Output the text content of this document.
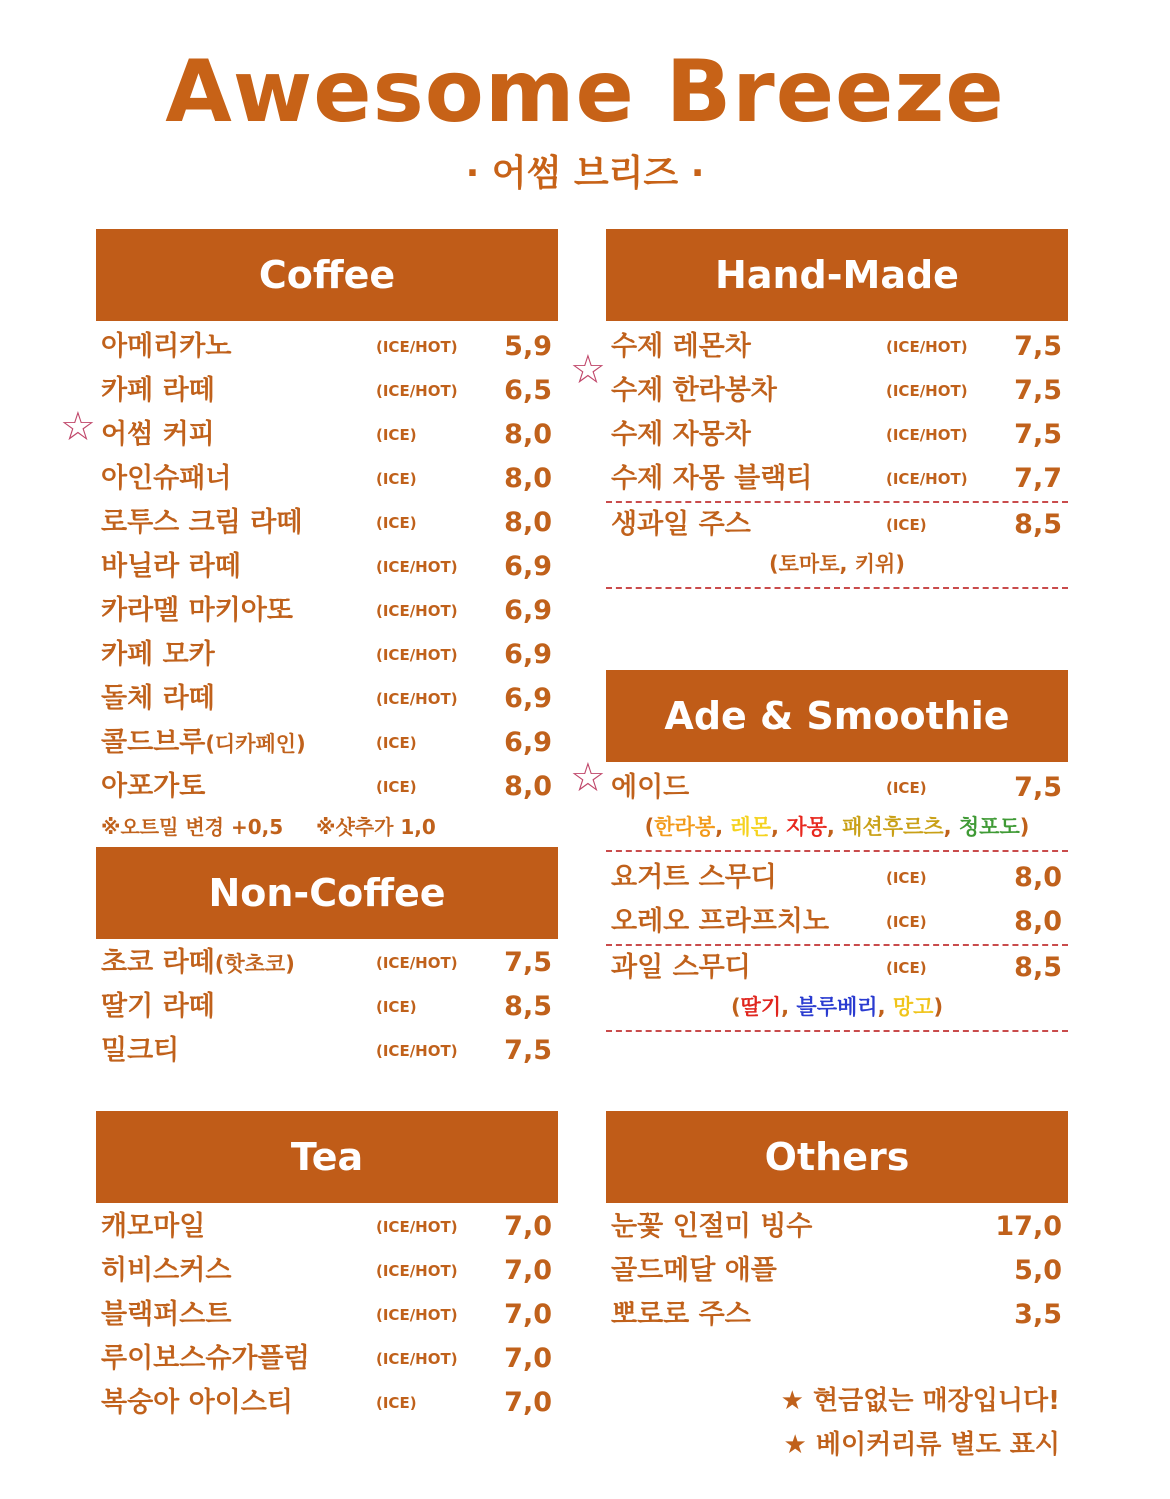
Awesome Breeze
· 어썸 브리즈 ·
Coffee
아메리카노	(ICE/HOT) 5,9
카페 라떼	(ICE/HOT) 6,5
어썸 커피	(ICE)	8,0
아인슈패너	(ICE)	8,0
로투스 크림 라떼	(ICE)	8,0
바닐라 라떼	(ICE/HOT) 6,9
카라멜 마키아또	(ICE/HOT) 6,9
카페 모카	(ICE/HOT) 6,9
돌체 라떼	(ICE/HOT) 6,9
콜드브루(디카페인)	(ICE)	6,9
아포가토	(ICE)	8,0
※오트밀 변경 +0,5 ※샷추가 1,0
Non-Coffee
초코 라떼(핫초코)	(ICE/HOT) 7,5
딸기 라떼	(ICE)	8,5
밀크티	(ICE/HOT) 7,5
Tea
캐모마일	(ICE/HOT) 7,0
히비스커스	(ICE/HOT) 7,0
블랙퍼스트	(ICE/HOT) 7,0
루이보스슈가플럼	(ICE/HOT) 7,0
복숭아 아이스티	(ICE)	7,0
Hand-Made
수제 레몬차	(ICE/HOT) 7,5
수제 한라봉차	(ICE/HOT) 7,5
수제 자몽차	(ICE/HOT) 7,5
수제 자몽 블랙티	(ICE/HOT) 7,7
생과일 주스	(ICE)	8,5
(토마토, 키위)
Ade & Smoothie
에이드	(ICE)	7,5
(한라봉, 레몬, 자몽, 패션후르츠, 청포도)
요거트 스무디	(ICE)	8,0
오레오 프라프치노	(ICE)	8,0
과일 스무디	(ICE)	8,5
(딸기, 블루베리, 망고)
Others
눈꽃 인절미 빙수	17,0
골드메달 애플	5,0
뽀로로 주스	3,5
☆
☆
☆
★ 현금없는 매장입니다!
★ 베이커리류 별도 표시
